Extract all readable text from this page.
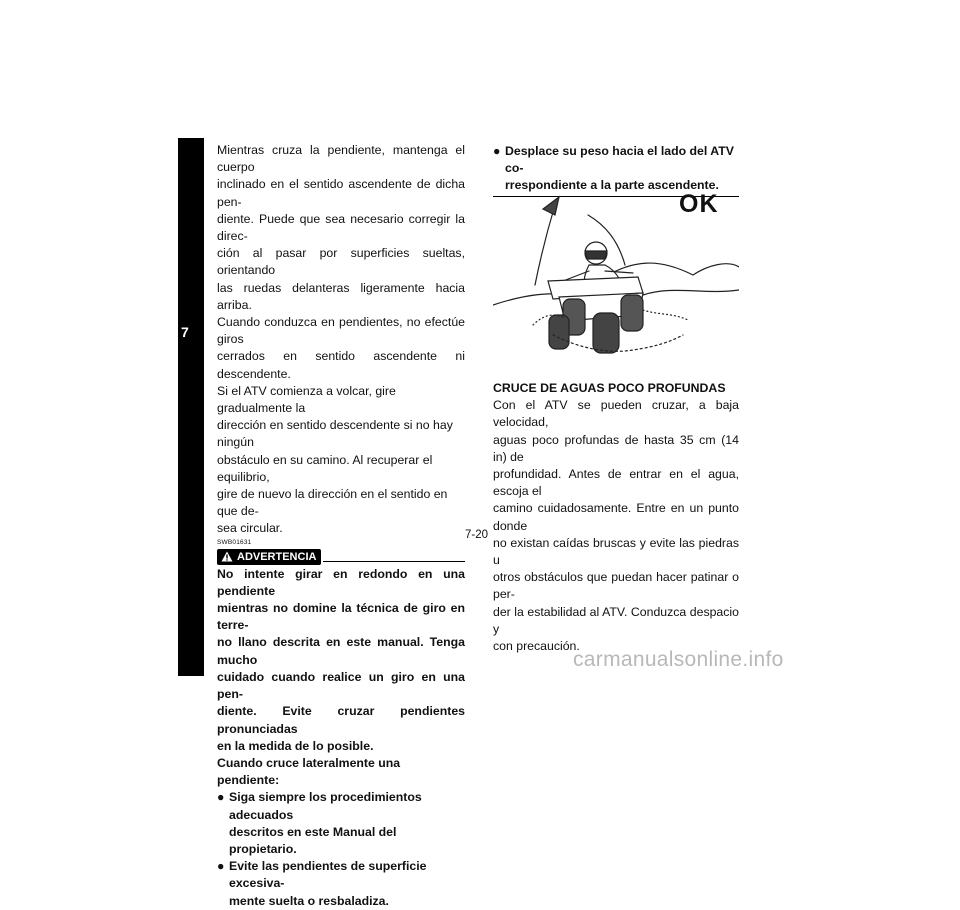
7

Mientras cruza la pendiente, mantenga el cuerpo
inclinado en el sentido ascendente de dicha pen-
diente. Puede que sea necesario corregir la direc-
ción al pasar por superficies sueltas, orientando
las ruedas delanteras ligeramente hacia arriba.
Cuando conduzca en pendientes, no efectúe giros
cerrados en sentido ascendente ni descendente.

Si el ATV comienza a volcar, gire gradualmente la
dirección en sentido descendente si no hay ningún
obstáculo en su camino. Al recuperar el equilibrio,
gire de nuevo la dirección en el sentido en que de-
sea circular.

SWB01631
ADVERTENCIA

No intente girar en redondo en una pendiente
mientras no domine la técnica de giro en terre-
no llano descrita en este manual. Tenga mucho
cuidado cuando realice un giro en una pen-
diente. Evite cruzar pendientes pronunciadas
en la medida de lo posible.

Cuando cruce lateralmente una pendiente:

● Siga siempre los procedimientos adecuados
descritos en este Manual del propietario.
● Evite las pendientes de superficie excesiva-
mente suelta o resbaladiza.
● Desplace su peso hacia el lado del ATV co-
rrespondiente a la parte ascendente.
OK

CRUCE DE AGUAS POCO PROFUNDAS

Con el ATV se pueden cruzar, a baja velocidad,
aguas poco profundas de hasta 35 cm (14 in) de
profundidad. Antes de entrar en el agua, escoja el
camino cuidadosamente. Entre en un punto donde
no existan caídas bruscas y evite las piedras u
otros obstáculos que puedan hacer patinar o per-
der la estabilidad al ATV. Conduzca despacio y
con precaución.

7-20
carmanualsonline.info
